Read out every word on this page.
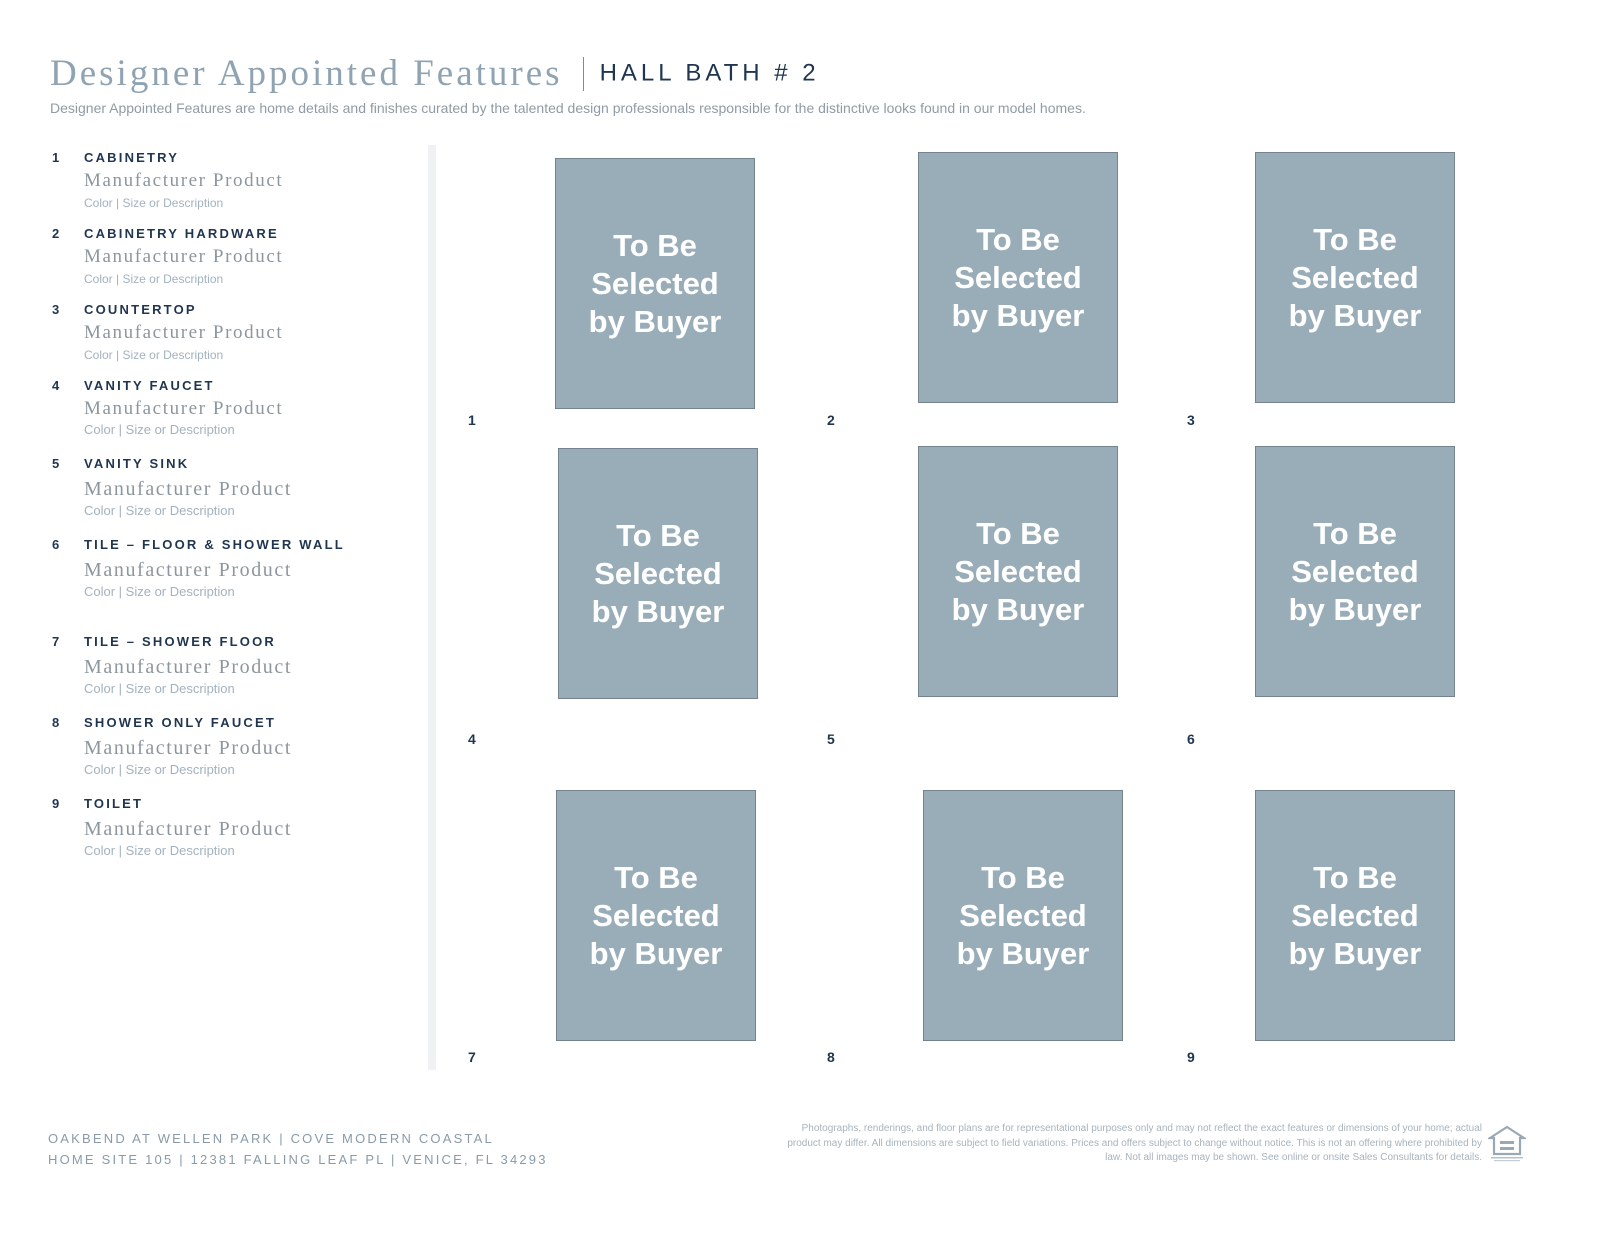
Designer Appointed Features HALL BATH # 2
Designer Appointed Features are home details and finishes curated by the talented design professionals responsible for the distinctive looks found in our model homes.
1 CABINETRY
Manufacturer Product
Color | Size or Description
2 CABINETRY HARDWARE
Manufacturer Product
Color | Size or Description
3 COUNTERTOP
Manufacturer Product
Color | Size or Description
4 VANITY FAUCET
Manufacturer Product
Color | Size or Description
5 VANITY SINK
Manufacturer Product
Color | Size or Description
6 TILE – FLOOR & SHOWER WALL
Manufacturer Product
Color | Size or Description
7 TILE – SHOWER FLOOR
Manufacturer Product
Color | Size or Description
8 SHOWER ONLY FAUCET
Manufacturer Product
Color | Size or Description
9 TOILET
Manufacturer Product
Color | Size or Description
To Be Selected by Buyer
1
To Be Selected by Buyer
2
To Be Selected by Buyer
3
To Be Selected by Buyer
4
To Be Selected by Buyer
5
To Be Selected by Buyer
6
To Be Selected by Buyer
7
To Be Selected by Buyer
8
To Be Selected by Buyer
9
OAKBEND AT WELLEN PARK | COVE MODERN COASTAL
HOME SITE 105 | 12381 FALLING LEAF PL | VENICE, FL 34293
Photographs, renderings, and floor plans are for representational purposes only and may not reflect the exact features or dimensions of your home; actual product may differ. All dimensions are subject to field variations. Prices and offers subject to change without notice. This is not an offering where prohibited by law. Not all images may be shown. See online or onsite Sales Consultants for details.
